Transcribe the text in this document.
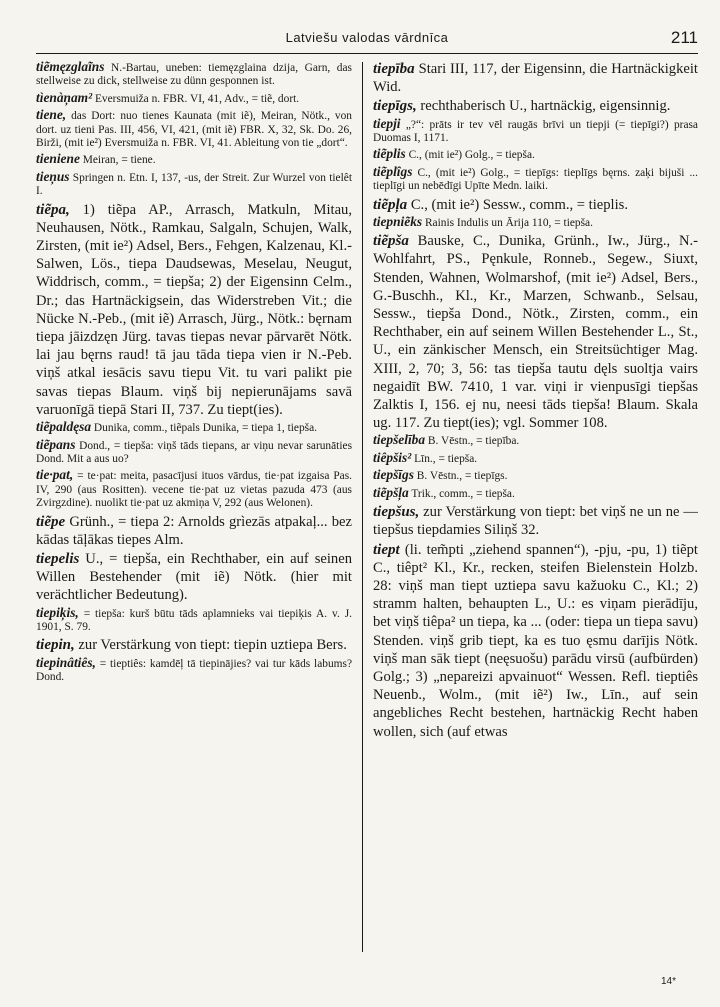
Latviešu valodas vārdnīca	211

tiẽmęzglaĩns N.-Bartau, uneben: tiemęzglaina dzija, Garn, das stellweise zu dick, stellweise zu dünn gesponnen ist.

tìenàņam² Eversmuiža n. FBR. VI, 41, Adv., = tiẽ, dort.

tiene, das Dort: nuo tienes Kaunata (mit iẽ), Meiran, Nötk., von dort. uz tieni Pas. III, 456, VI, 421, (mit iẽ) FBR. X, 32, Sk. Do. 26, Birži, (mit ie²) Eversmuiža n. FBR. VI, 41. Ableitung von tie „dort“.

tieniene Meiran, = tiene.

tieņus Springen n. Etn. I, 137, -us, der Streit. Zur Wurzel von tielêt I.

tiẽpa, 1) tiẽpa AP., Arrasch, Matkuln, Mitau, Neuhausen, Nötk., Ramkau, Salgaln, Schujen, Walk, Zirsten, (mit ie²) Adsel, Bers., Fehgen, Kalzenau, Kl.-Salwen, Lös., tiepa Daudsewas, Meselau, Neugut, Widdrisch, comm., = tiepša; 2) der Eigensinn Celm., Dr.; das Hartnäckigsein, das Widerstreben Vit.; die Nücke N.-Peb., (mit iẽ) Arrasch, Jürg., Nötk.: bęrnam tiepa jāizdzęn Jürg. tavas tiepas nevar pārvarēt Nötk. lai jau bęrns raud! tā jau tāda tiepa vien ir N.-Peb. viņš atkal iesācis savu tiepu Vit. tu vari palikt pie savas tiepas Blaum. viņš bij nepierunājams savā varuonīgā tiepā Stari II, 737. Zu tiept(ies).

tiẽpaldęsa Dunika, comm., tiẽpals Dunika, = tiepa 1, tiepša.

tiẽpans Dond., = tiepša: viņš tāds tiepans, ar viņu nevar sarunāties Dond. Mit a aus uo?

tie·pat, = te·pat: meita, pasacījusi ituos vārdus, tie·pat izgaisa Pas. IV, 290 (aus Rositten). vecene tie·pat uz vietas pazuda 473 (aus Zvirgzdine). nuolikt tie·pat uz akmiņa V, 292 (aus Welonen).

tiẽpe Grünh., = tiepa 2: Arnolds grìezās atpakaļ... bez kādas tāļākas tiepes Alm.

tiepelis U., = tiepša, ein Rechthaber, ein auf seinen Willen Bestehender (mit iẽ) Nötk. (hier mit verächtlicher Bedeutung).

tiepiķis, = tiepša: kurš būtu tāds aplamnieks vai tiepiķis A. v. J. 1901, S. 79.

tiepin, zur Verstärkung von tiept: tiepin uztiepa Bers.

tiepinâtiês, = tieptiês: kamdēļ tā tiepinājies? vai tur kāds labums? Dond.

tiepība Stari III, 117, der Eigensinn, die Hartnäckigkeit Wid.

tiepīgs, rechthaberisch U., hartnäckig, eigensinnig.

tiepji „?“: prāts ir tev vēl raugās brīvi un tiepji (= tiepīgi?) prasa Duomas I, 1171.

tiẽplis C., (mit ie²) Golg., = tiepša.

tiẽplîgs C., (mit ie²) Golg., = tiepīgs: tieplīgs bęrns. zaķi bijuši ... tieplīgi un nebēdīgi Upīte Medn. laiki.

tiẽpļa C., (mit ie²) Sessw., comm., = tieplis.

tiepniẽks Rainis Indulis un Ārija 110, = tiepša.

tiẽpša Bauske, C., Dunika, Grünh., Iw., Jürg., N.-Wohlfahrt, PS., Pęnkule, Ronneb., Segew., Siuxt, Stenden, Wahnen, Wolmarshof, (mit ie²) Adsel, Bers., G.-Buschh., Kl., Kr., Marzen, Schwanb., Selsau, Sessw., tiepša Dond., Nötk., Zirsten, comm., ein Rechthaber, ein auf seinem Willen Bestehender L., St., U., ein zänkischer Mensch, ein Streitsüchtiger Mag. XIII, 2, 70; 3, 56: tas tiepša tautu dęls suoltja vairs negaidīt BW. 7410, 1 var. viņi ir vienpusīgi tiepšas Zalktis I, 156. ej nu, neesi tāds tiepša! Blaum. Skala ug. 117. Zu tiept(ies); vgl. Sommer 108.

tiepšelība B. Vēstn., = tiepība.

tiêpšis² Līn., = tiepša.

tiepšīgs B. Vēstn., = tiepīgs.

tiẽpšļa Trik., comm., = tiepša.

tiepšus, zur Verstärkung von tiept: bet viņš ne un ne — tiepšus tiepdamies Siliņš 32.

tiept (li. tem̃pti „ziehend spannen“), -pju, -pu, 1) tiẽpt C., tiêpt² Kl., Kr., recken, steifen Bielenstein Holzb. 28: viņš man tiept uztiepa savu kažuoku C., Kl.; 2) stramm halten, behaupten L., U.: es viņam pierādīju, bet viņš tiêpa² un tiepa, ka ... (oder: tiepa un tiepa savu) Stenden. viņš grib tiept, ka es tuo ęsmu darījis Nötk. viņš man sāk tiept (neęsuošu) parādu virsū (aufbürden) Golg.; 3) „nepareizi apvainuot“ Wessen. Refl. tieptiês Neuenb., Wolm., (mit iẽ²) Iw., Līn., auf sein angebliches Recht bestehen, hartnäckig Recht haben wollen, sich (auf etwas

14*
